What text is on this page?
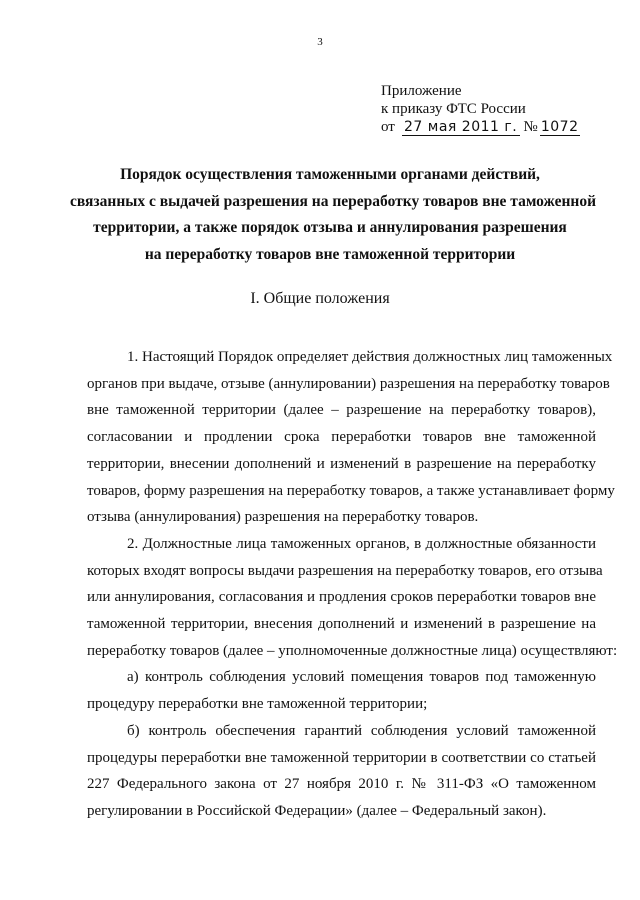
3
Приложение
к приказу ФТС России
от 27 мая 2011 г. № 1072
Порядок осуществления таможенными органами действий,
связанных с выдачей разрешения на переработку товаров вне таможенной
территории, а также порядок отзыва и аннулирования разрешения
на переработку товаров вне таможенной территории
I. Общие положения

1. Настоящий Порядок определяет действия должностных лиц таможенных
органов при выдаче, отзыве (аннулировании) разрешения на переработку товаров
вне таможенной территории (далее – разрешение на переработку товаров),
согласовании и продлении срока переработки товаров вне таможенной
территории, внесении дополнений и изменений в разрешение на переработку
товаров, форму разрешения на переработку товаров, а также устанавливает форму
отзыва (аннулирования) разрешения на переработку товаров.

2. Должностные лица таможенных органов, в должностные обязанности
которых входят вопросы выдачи разрешения на переработку товаров, его отзыва
или аннулирования, согласования и продления сроков переработки товаров вне
таможенной территории, внесения дополнений и изменений в разрешение на
переработку товаров (далее – уполномоченные должностные лица) осуществляют:

а) контроль соблюдения условий помещения товаров под таможенную
процедуру переработки вне таможенной территории;

б) контроль обеспечения гарантий соблюдения условий таможенной
процедуры переработки вне таможенной территории в соответствии со статьей
227 Федерального закона от 27 ноября 2010 г. № 311-ФЗ «О таможенном
регулировании в Российской Федерации» (далее – Федеральный закон).
